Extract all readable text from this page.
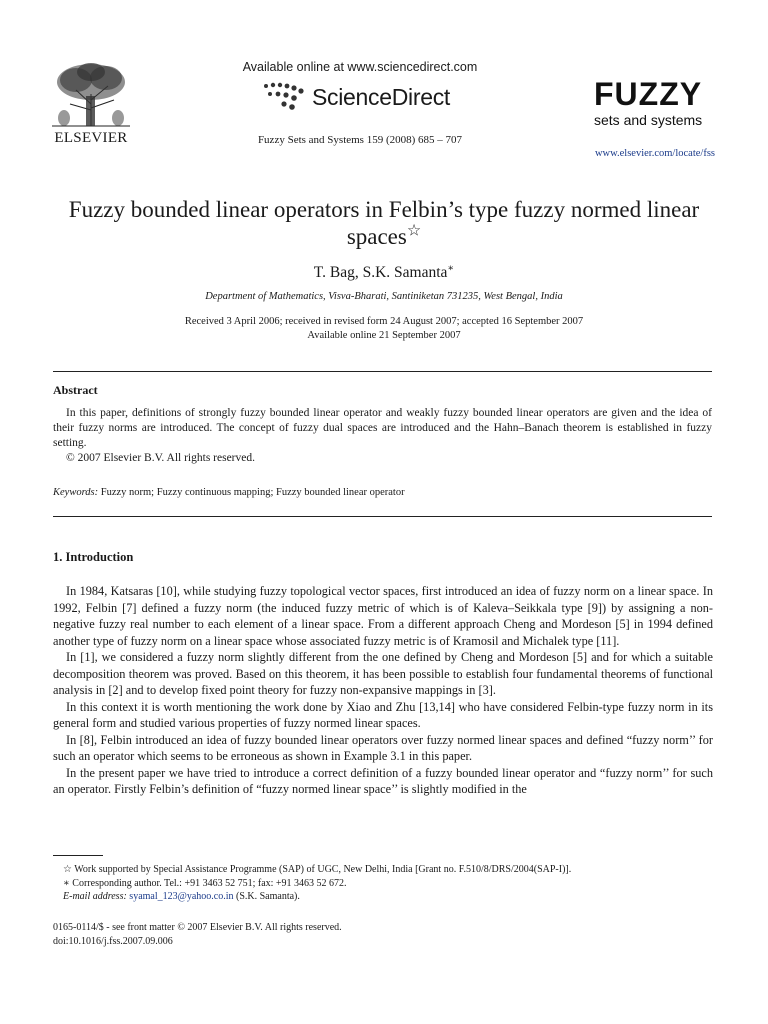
ELSEVIER
Available online at www.sciencedirect.com
ScienceDirect
Fuzzy Sets and Systems 159 (2008) 685 – 707
FUZZY
sets and systems
www.elsevier.com/locate/fss
Fuzzy bounded linear operators in Felbin’s type fuzzy normed linear spaces☆
T. Bag, S.K. Samanta∗
Department of Mathematics, Visva-Bharati, Santiniketan 731235, West Bengal, India
Received 3 April 2006; received in revised form 24 August 2007; accepted 16 September 2007
Available online 21 September 2007
Abstract

In this paper, definitions of strongly fuzzy bounded linear operator and weakly fuzzy bounded linear operators are given and the idea of their fuzzy norms are introduced. The concept of fuzzy dual spaces are introduced and the Hahn–Banach theorem is established in fuzzy setting.

© 2007 Elsevier B.V. All rights reserved.

Keywords: Fuzzy norm; Fuzzy continuous mapping; Fuzzy bounded linear operator
1. Introduction

In 1984, Katsaras [10], while studying fuzzy topological vector spaces, first introduced an idea of fuzzy norm on a linear space. In 1992, Felbin [7] defined a fuzzy norm (the induced fuzzy metric of which is of Kaleva–Seikkala type [9]) by assigning a non-negative fuzzy real number to each element of a linear space. From a different approach Cheng and Mordeson [5] in 1994 defined another type of fuzzy norm on a linear space whose associated fuzzy metric is of Kramosil and Michalek type [11].

In [1], we considered a fuzzy norm slightly different from the one defined by Cheng and Mordeson [5] and for which a suitable decomposition theorem was proved. Based on this theorem, it has been possible to establish four fundamental theorems of functional analysis in [2] and to develop fixed point theory for fuzzy non-expansive mappings in [3].

In this context it is worth mentioning the work done by Xiao and Zhu [13,14] who have considered Felbin-type fuzzy norm in its general form and studied various properties of fuzzy normed linear spaces.

In [8], Felbin introduced an idea of fuzzy bounded linear operators over fuzzy normed linear spaces and defined “fuzzy norm’’ for such an operator which seems to be erroneous as shown in Example 3.1 in this paper.

In the present paper we have tried to introduce a correct definition of a fuzzy bounded linear operator and “fuzzy norm’’ for such an operator. Firstly Felbin’s definition of “fuzzy normed linear space’’ is slightly modified in the

☆ Work supported by Special Assistance Programme (SAP) of UGC, New Delhi, India [Grant no. F.510/8/DRS/2004(SAP-I)].
∗ Corresponding author. Tel.: +91 3463 52 751; fax: +91 3463 52 672.
E-mail address: syamal_123@yahoo.co.in (S.K. Samanta).
0165-0114/$ - see front matter © 2007 Elsevier B.V. All rights reserved.
doi:10.1016/j.fss.2007.09.006
